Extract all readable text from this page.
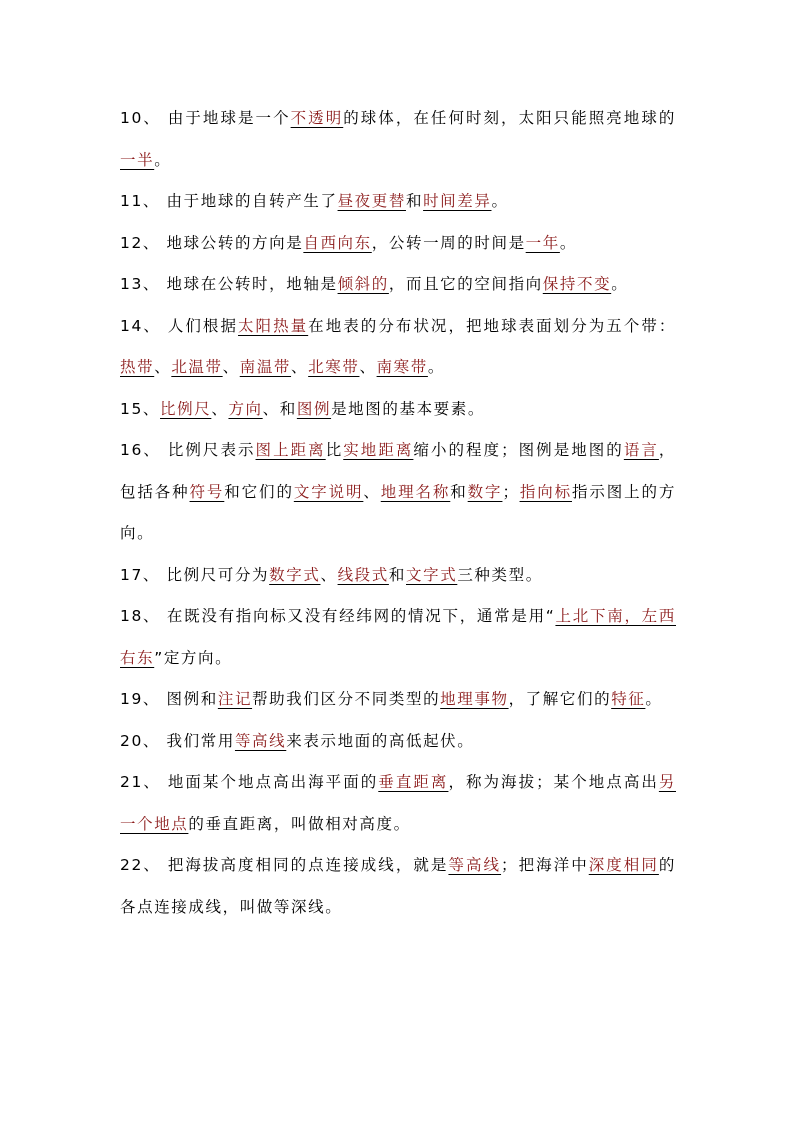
10、 由于地球是一个不透明的球体，在任何时刻，太阳只能照亮地球的一半。

11、 由于地球的自转产生了昼夜更替和时间差异。

12、 地球公转的方向是自西向东，公转一周的时间是一年。

13、 地球在公转时，地轴是倾斜的，而且它的空间指向保持不变。

14、 人们根据太阳热量在地表的分布状况，把地球表面划分为五个带：热带、北温带、南温带、北寒带、南寒带。

15、比例尺、方向、和图例是地图的基本要素。

16、 比例尺表示图上距离比实地距离缩小的程度；图例是地图的语言，包括各种符号和它们的文字说明、地理名称和数字；指向标指示图上的方向。

17、 比例尺可分为数字式、线段式和文字式三种类型。

18、 在既没有指向标又没有经纬网的情况下，通常是用“上北下南，左西右东”定方向。

19、 图例和注记帮助我们区分不同类型的地理事物，了解它们的特征。

20、 我们常用等高线来表示地面的高低起伏。

21、 地面某个地点高出海平面的垂直距离，称为海拔；某个地点高出另一个地点的垂直距离，叫做相对高度。

22、 把海拔高度相同的点连接成线，就是等高线；把海洋中深度相同的各点连接成线，叫做等深线。
